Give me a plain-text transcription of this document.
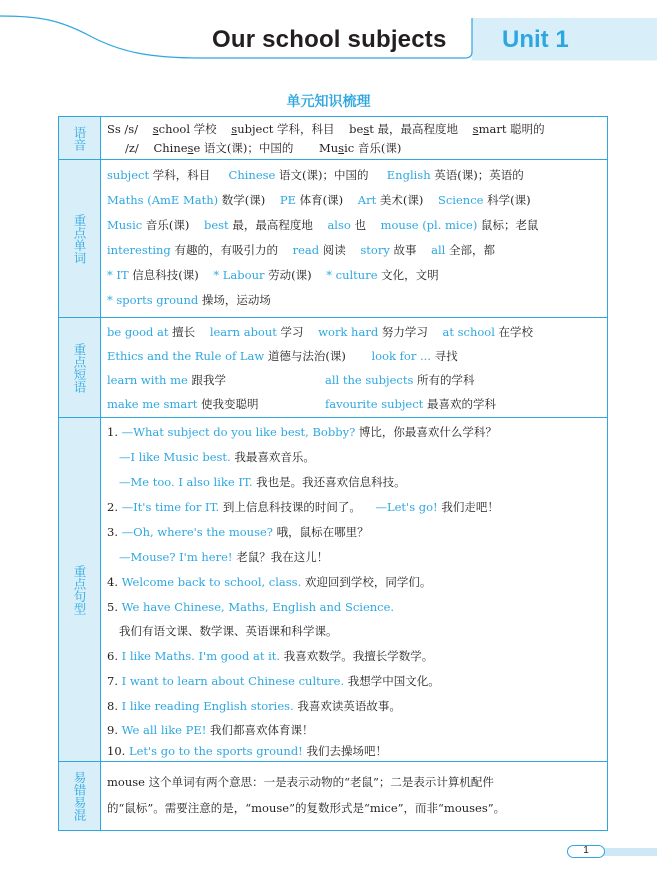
Our school subjects Unit 1
单元知识梳理
语音 Ss /s/ school 学校 subject 学科，科目 best 最，最高程度地 smart 聪明的
/z/ Chinese 语文(课)；中国的 Music 音乐(课)
重点单词
subject 学科，科目 Chinese 语文(课)；中国的 English 英语(课)；英语的
Maths (AmE Math) 数学(课) PE 体育(课) Art 美术(课) Science 科学(课)
Music 音乐(课) best 最，最高程度地 also 也 mouse (pl. mice) 鼠标；老鼠
interesting 有趣的，有吸引力的 read 阅读 story 故事 all 全部，都
* IT 信息科技(课) * Labour 劳动(课) * culture 文化，文明
* sports ground 操场，运动场
重点短语
be good at 擅长 learn about 学习 work hard 努力学习 at school 在学校
Ethics and the Rule of Law 道德与法治(课) look for ... 寻找
learn with me 跟我学	all the subjects 所有的学科
make me smart 使我变聪明	favourite subject 最喜欢的学科
重点句型
1. —What subject do you like best, Bobby? 博比，你最喜欢什么学科？
—I like Music best. 我最喜欢音乐。
—Me too. I also like IT. 我也是。我还喜欢信息科技。
2. —It's time for IT. 到上信息科技课的时间了。 —Let's go! 我们走吧！
3. —Oh, where's the mouse? 哦，鼠标在哪里？
—Mouse? I'm here! 老鼠？我在这儿！
4. Welcome back to school, class. 欢迎回到学校，同学们。
5. We have Chinese, Maths, English and Science.
我们有语文课、数学课、英语课和科学课。
6. I like Maths. I'm good at it. 我喜欢数学。我擅长学数学。
7. I want to learn about Chinese culture. 我想学中国文化。
8. I like reading English stories. 我喜欢读英语故事。
9. We all like PE! 我们都喜欢体育课！
10. Let's go to the sports ground! 我们去操场吧！
易错易混 mouse 这个单词有两个意思：一是表示动物的“老鼠”；二是表示计算机配件
的“鼠标”。需要注意的是，“mouse”的复数形式是“mice”，而非“mouses”。
1
